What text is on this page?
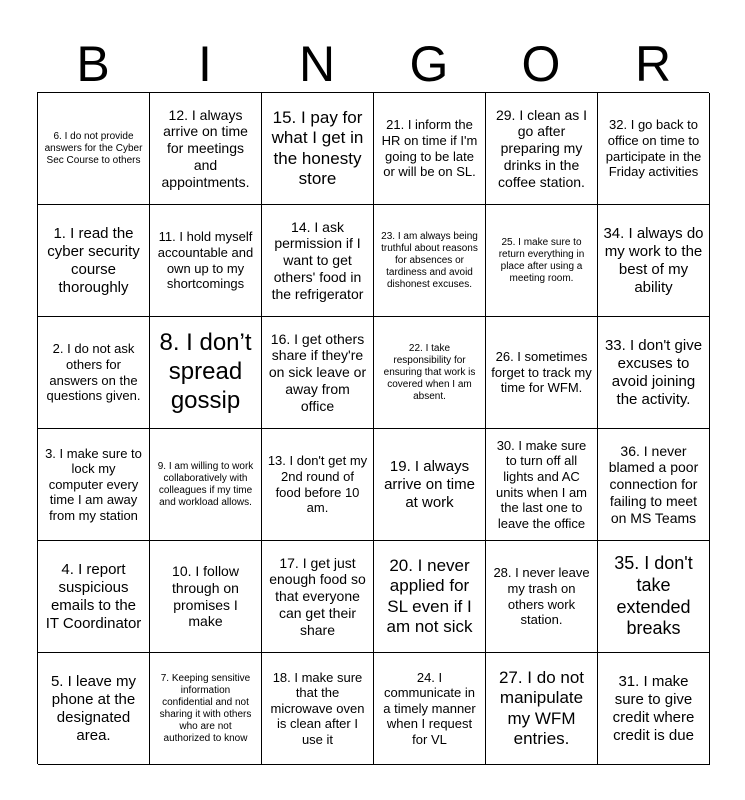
B	I	N	G	O	R
6. I do not provide answers for the Cyber Sec Course to others
12. I always arrive on time for meetings and appointments.
15. I pay for what I get in the honesty store
21. I inform the HR on time if I'm going to be late or will be on SL.
29. I clean as I go after preparing my drinks in the coffee station.
32. I go back to office on time to participate in the Friday activities
1. I read the cyber security course thoroughly
11. I hold myself accountable and own up to my shortcomings
14. I ask permission if I want to get others' food in the refrigerator
23. I am always being truthful about reasons for absences or tardiness and avoid dishonest excuses.
25. I make sure to return everything in place after using a meeting room.
34. I always do my work to the best of my ability
2. I do not ask others for answers on the questions given.
8. I don’t spread gossip
16. I get others share if they're on sick leave or away from office
22. I take responsibility for ensuring that work is covered when I am absent.
26. I sometimes forget to track my time for WFM.
33. I don't give excuses to avoid joining the activity.
3. I make sure to lock my computer every time I am away from my station
9. I am willing to work collaboratively with colleagues if my time and workload allows.
13. I don't get my 2nd round of food before 10 am.
19. I always arrive on time at work
30. I make sure to turn off all lights and AC units when I am the last one to leave the office
36. I never blamed a poor connection for failing to meet on MS Teams
4. I report suspicious emails to the IT Coordinator
10. I follow through on promises I make
17. I get just enough food so that everyone can get their share
20. I never applied for SL even if I am not sick
28. I never leave my trash on others work station.
35. I don't take extended breaks
5. I leave my phone at the designated area.
7. Keeping sensitive information confidential and not sharing it with others who are not authorized to know
18. I make sure that the microwave oven is clean after I use it
24. I communicate in a timely manner when I request for VL
27. I do not manipulate my WFM entries.
31. I make sure to give credit where credit is due
